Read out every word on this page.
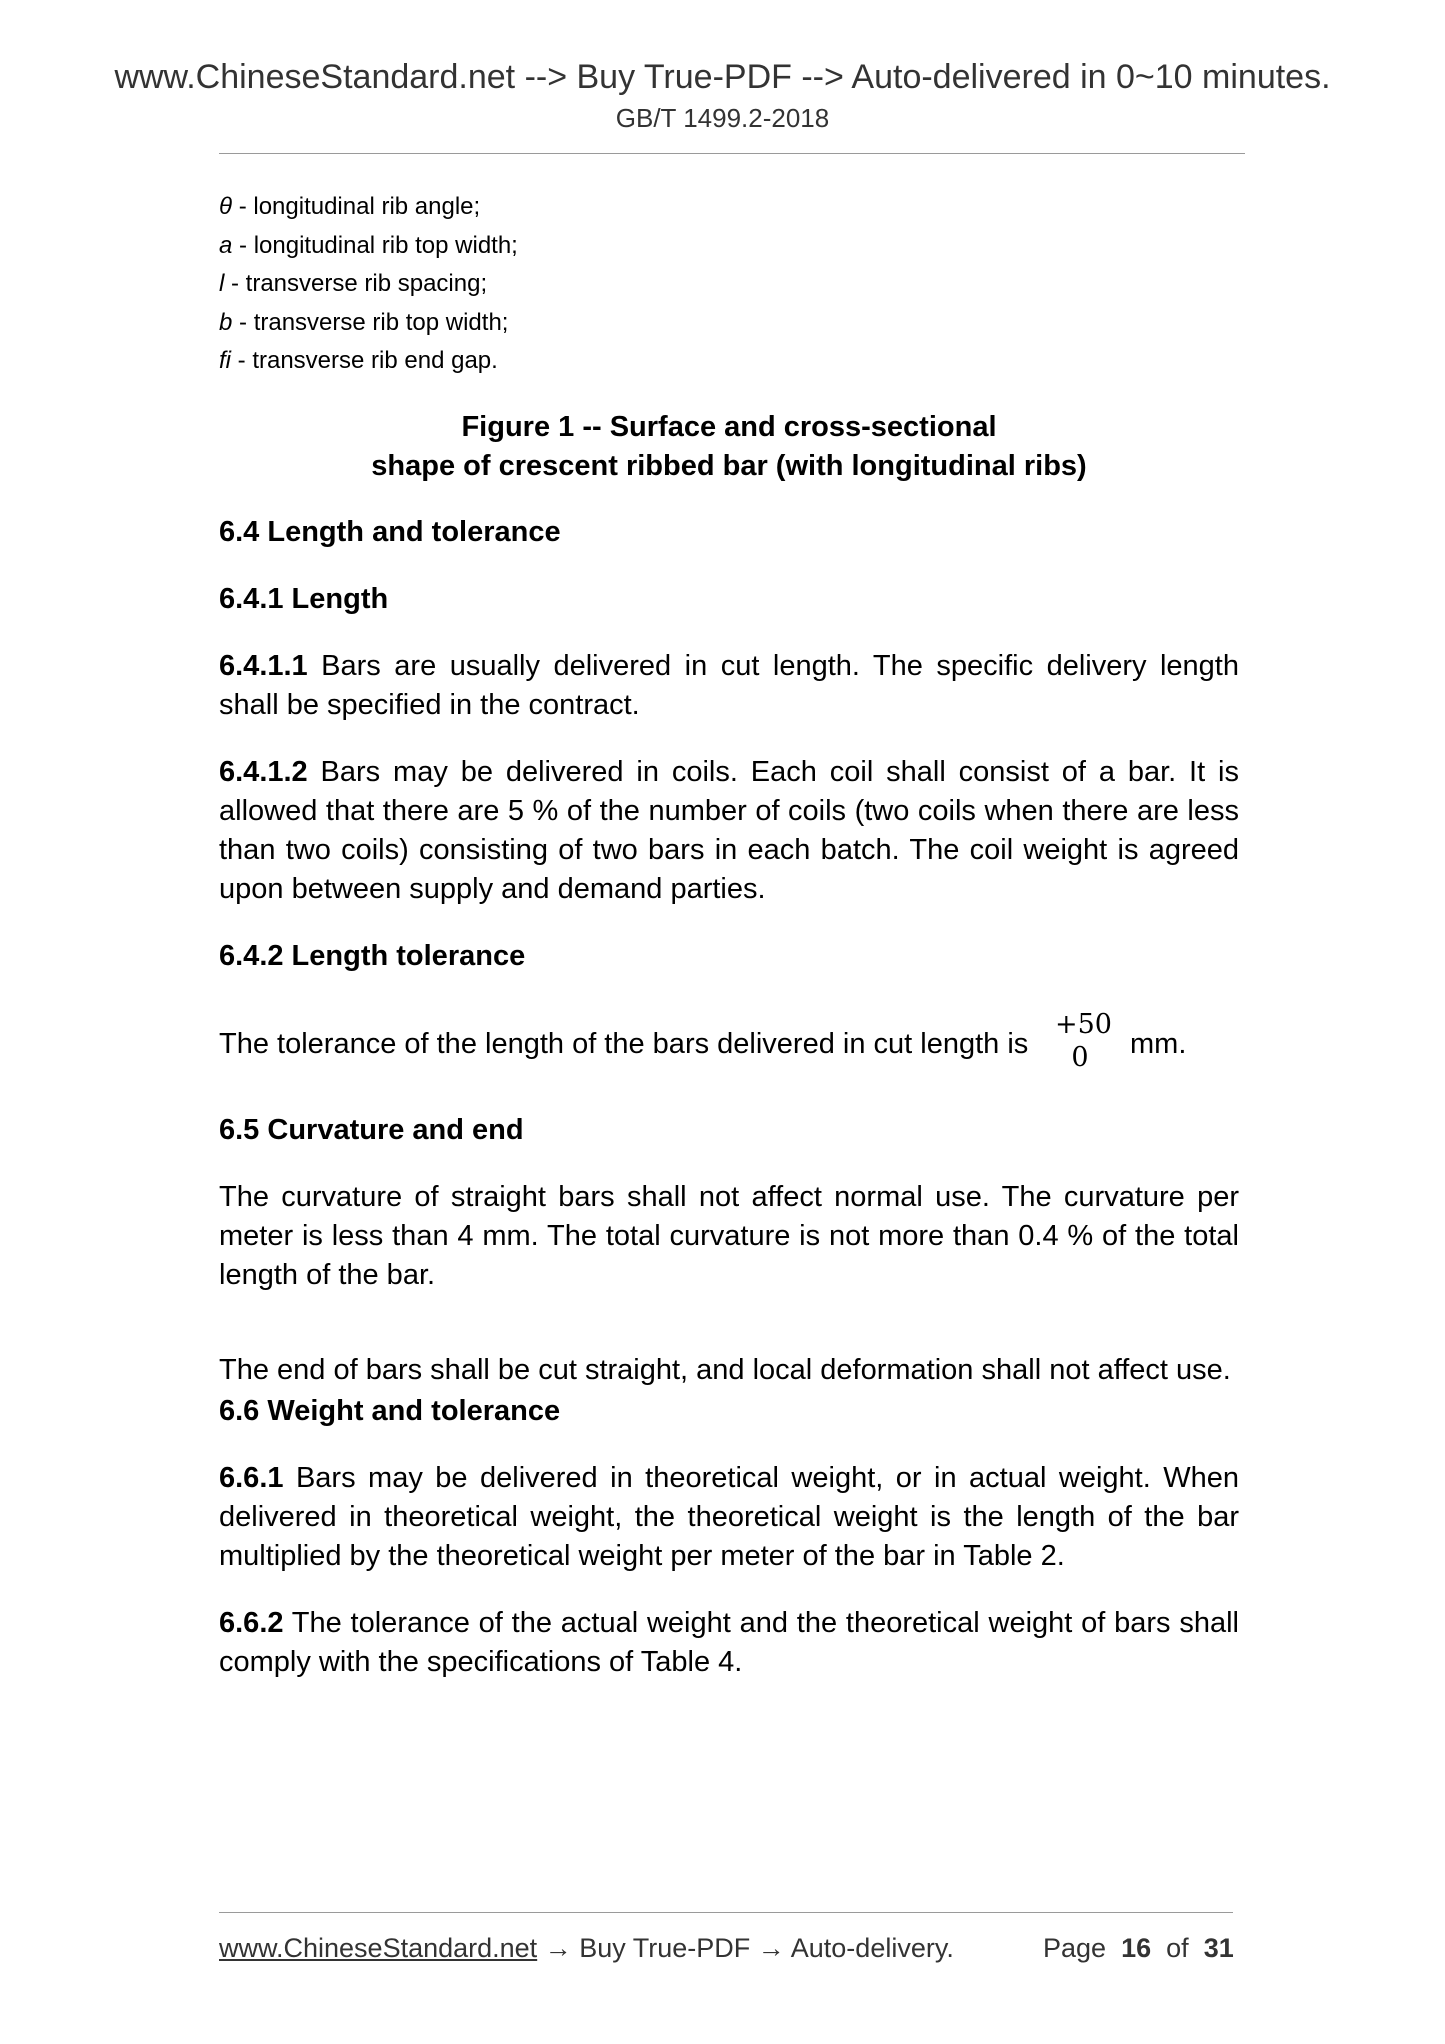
www.ChineseStandard.net --> Buy True-PDF --> Auto-delivered in 0~10 minutes.
GB/T 1499.2-2018
θ - longitudinal rib angle;
a - longitudinal rib top width;
l - transverse rib spacing;
b - transverse rib top width;
fi - transverse rib end gap.
Figure 1 -- Surface and cross-sectional
shape of crescent ribbed bar (with longitudinal ribs)
6.4 Length and tolerance
6.4.1 Length

6.4.1.1 Bars are usually delivered in cut length. The specific delivery length shall be specified in the contract.

6.4.1.2 Bars may be delivered in coils. Each coil shall consist of a bar. It is allowed that there are 5 % of the number of coils (two coils when there are less than two coils) consisting of two bars in each batch. The coil weight is agreed upon between supply and demand parties.

6.4.2 Length tolerance
The tolerance of the length of the bars delivered in cut length is
+50
0	mm.
6.5 Curvature and end

The curvature of straight bars shall not affect normal use. The curvature per meter is less than 4 mm. The total curvature is not more than 0.4 % of the total length of the bar.

The end of bars shall be cut straight, and local deformation shall not affect use.

6.6 Weight and tolerance

6.6.1 Bars may be delivered in theoretical weight, or in actual weight. When delivered in theoretical weight, the theoretical weight is the length of the bar multiplied by the theoretical weight per meter of the bar in Table 2.

6.6.2 The tolerance of the actual weight and the theoretical weight of bars shall comply with the specifications of Table 4.

www.ChineseStandard.net → Buy True-PDF → Auto-delivery.	Page 16 of 31
